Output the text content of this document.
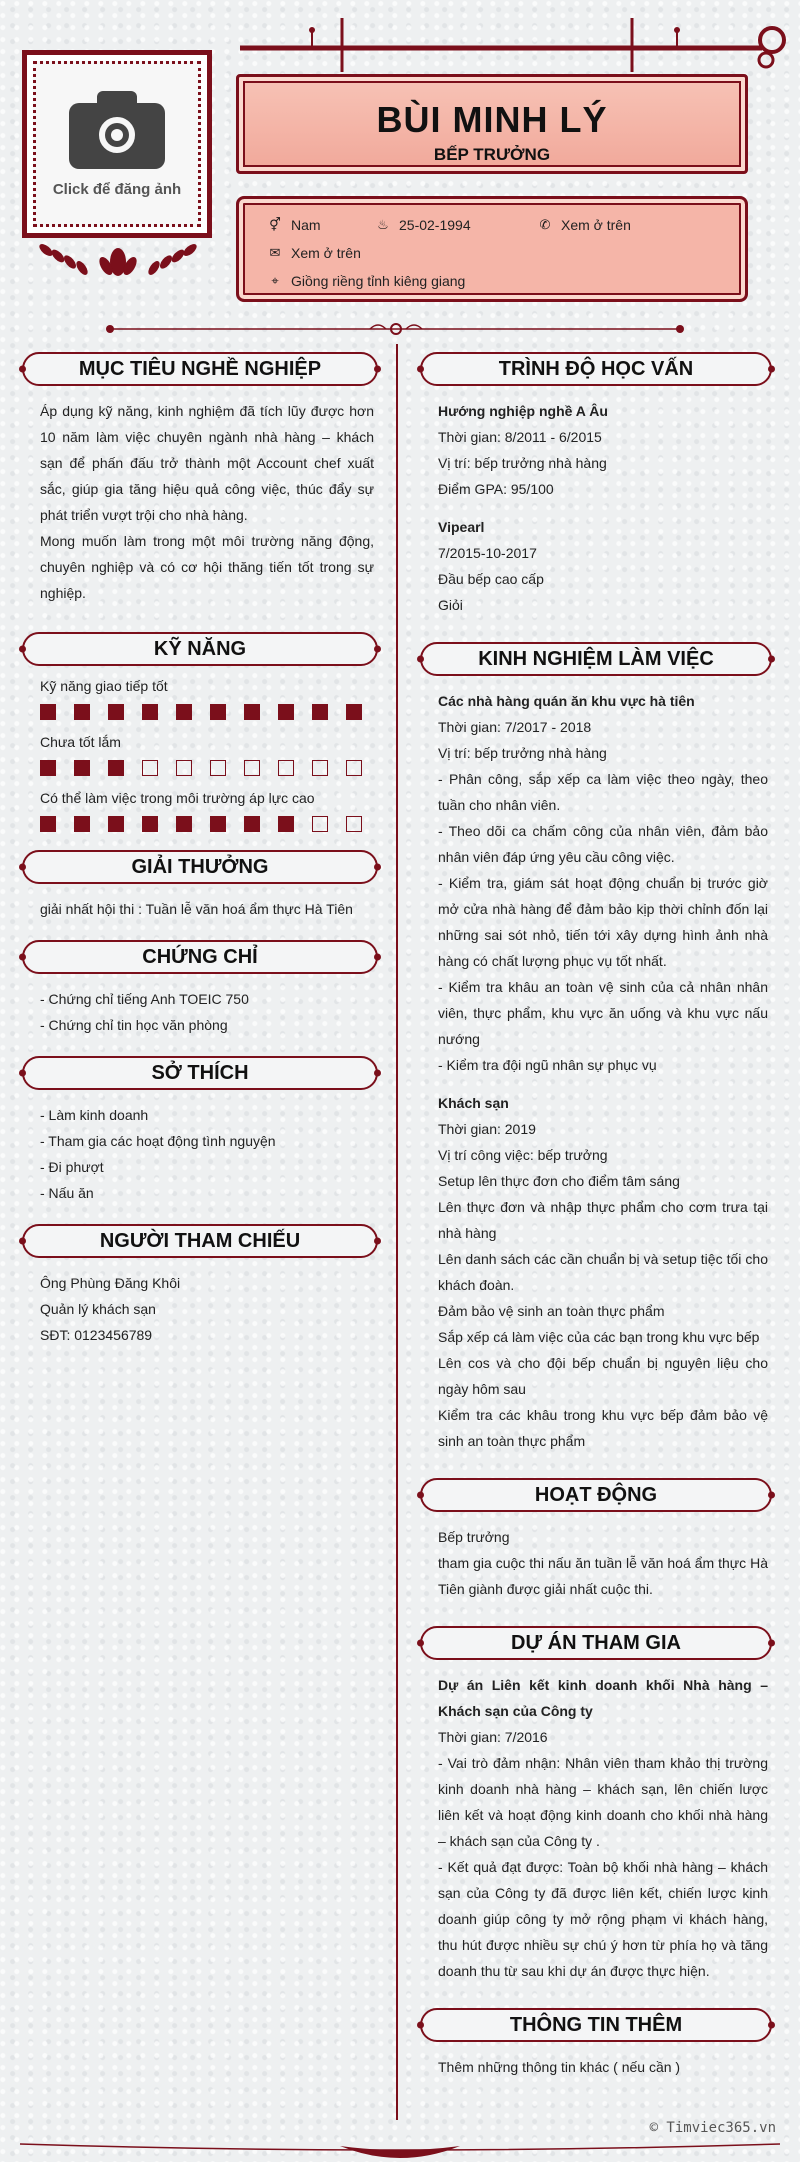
Click để đăng ảnh
BÙI MINH LÝ
BẾP TRƯỞNG
⚥ Nam	♨ 25-02-1994	✆ Xem ở trên
✉ Xem ở trên
⌖ Giồng riềng tỉnh kiêng giang
MỤC TIÊU NGHỀ NGHIỆP

Áp dụng kỹ năng, kinh nghiệm đã tích lũy được hơn 10 năm làm việc chuyên ngành nhà hàng – khách sạn để phấn đấu trở thành một Account chef xuất sắc, giúp gia tăng hiệu quả công việc, thúc đẩy sự phát triển vượt trội cho nhà hàng.

Mong muốn làm trong một môi trường năng động, chuyên nghiệp và có cơ hội thăng tiến tốt trong sự nghiệp.

KỸ NĂNG
Kỹ năng giao tiếp tốt
Chưa tốt lắm
Có thể làm việc trong môi trường áp lực cao
GIẢI THƯỞNG

giải nhất hội thi : Tuần lễ văn hoá ẩm thực Hà Tiên

CHỨNG CHỈ

- Chứng chỉ tiếng Anh TOEIC 750

- Chứng chỉ tin học văn phòng

SỞ THÍCH

- Làm kinh doanh

- Tham gia các hoạt động tình nguyện

- Đi phượt

- Nấu ăn

NGƯỜI THAM CHIẾU

Ông Phùng Đăng Khôi

Quản lý khách sạn

SĐT: 0123456789

TRÌNH ĐỘ HỌC VẤN

Hướng nghiệp nghề A Âu

Thời gian: 8/2011 - 6/2015

Vị trí: bếp trưởng nhà hàng

Điểm GPA: 95/100

Vipearl

7/2015-10-2017

Đầu bếp cao cấp

Giỏi

KINH NGHIỆM LÀM VIỆC

Các nhà hàng quán ăn khu vực hà tiên

Thời gian: 7/2017 - 2018

Vị trí: bếp trưởng nhà hàng

- Phân công, sắp xếp ca làm việc theo ngày, theo tuần cho nhân viên.

- Theo dõi ca chấm công của nhân viên, đảm bảo nhân viên đáp ứng yêu cầu công việc.

- Kiểm tra, giám sát hoạt động chuẩn bị trước giờ mở cửa nhà hàng để đảm bảo kịp thời chỉnh đốn lại những sai sót nhỏ, tiến tới xây dựng hình ảnh nhà hàng có chất lượng phục vụ tốt nhất.

- Kiểm tra khâu an toàn vệ sinh của cả nhân nhân viên, thực phẩm, khu vực ăn uống và khu vực nấu nướng

- Kiểm tra đội ngũ nhân sự phục vụ

Khách sạn

Thời gian: 2019

Vị trí công việc: bếp trưởng

Setup lên thực đơn cho điểm tâm sáng

Lên thực đơn và nhập thực phẩm cho cơm trưa tại nhà hàng

Lên danh sách các cần chuẩn bị và setup tiệc tối cho khách đoàn.

Đảm bảo vệ sinh an toàn thực phẩm

Sắp xếp cá làm việc của các bạn trong khu vực bếp

Lên cos và cho đội bếp chuẩn bị nguyên liệu cho ngày hôm sau

Kiểm tra các khâu trong khu vực bếp đảm bảo vệ sinh an toàn thực phẩm

HOẠT ĐỘNG

Bếp trưởng

tham gia cuộc thi nấu ăn tuần lễ văn hoá ẩm thực Hà Tiên giành được giải nhất cuộc thi.

DỰ ÁN THAM GIA

Dự án Liên kết kinh doanh khối Nhà hàng – Khách sạn của Công ty

Thời gian: 7/2016

- Vai trò đảm nhận: Nhân viên tham khảo thị trường kinh doanh nhà hàng – khách sạn, lên chiến lược liên kết và hoạt động kinh doanh cho khối nhà hàng – khách sạn của Công ty .

- Kết quả đạt được: Toàn bộ khối nhà hàng – khách sạn của Công ty đã được liên kết, chiến lược kinh doanh giúp công ty mở rộng phạm vi khách hàng, thu hút được nhiều sự chú ý hơn từ phía họ và tăng doanh thu từ sau khi dự án được thực hiện.

THÔNG TIN THÊM

Thêm những thông tin khác ( nếu cần )

© Timviec365.vn
